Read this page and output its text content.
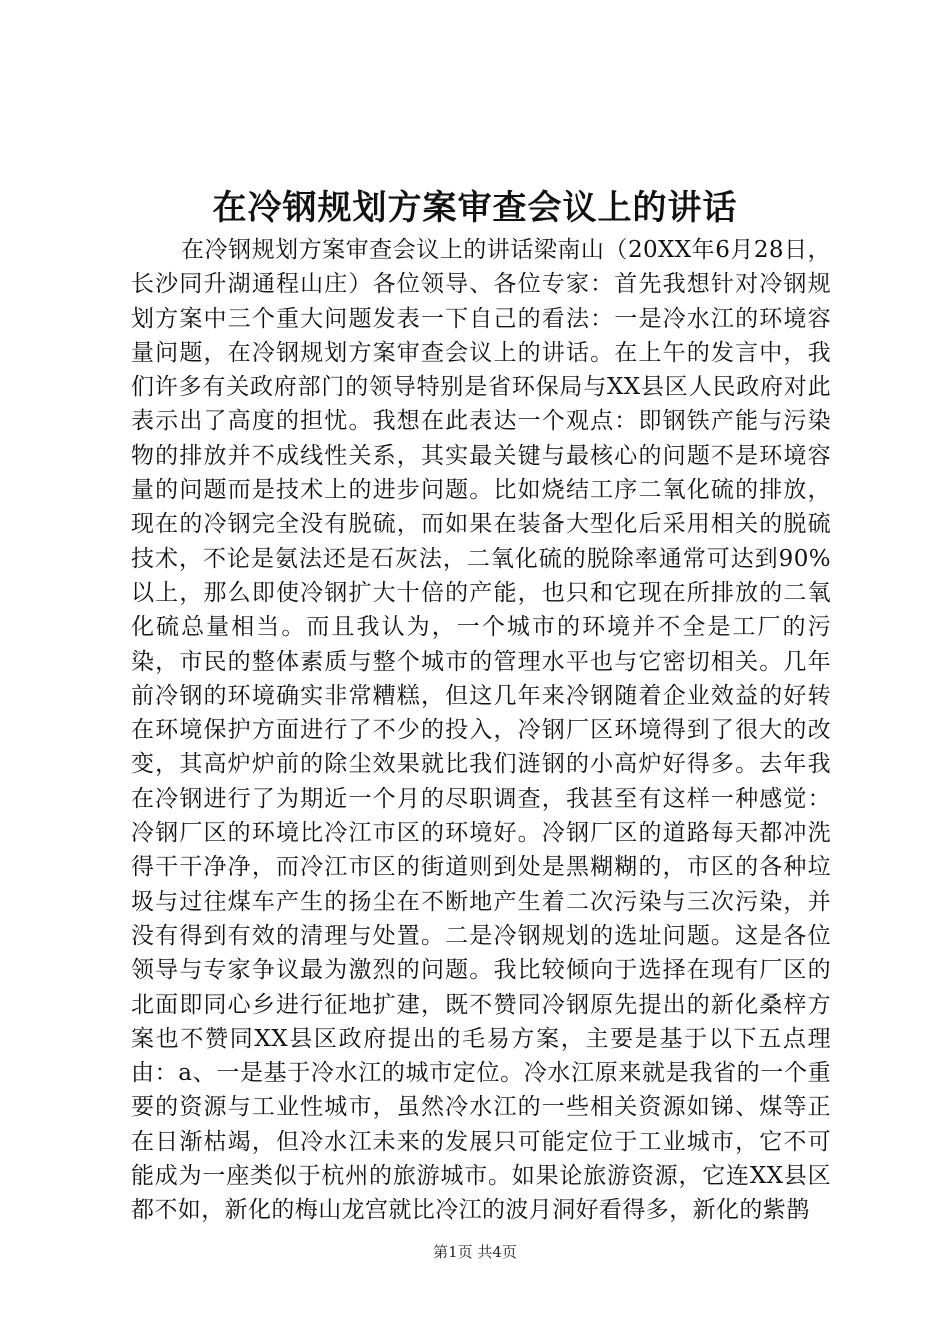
在冷钢规划方案审查会议上的讲话

在冷钢规划方案审查会议上的讲话梁南山（20XX年6月28日，长沙同升湖通程山庄）各位领导、各位专家：首先我想针对冷钢规划方案中三个重大问题发表一下自己的看法：一是冷水江的环境容量问题，在冷钢规划方案审查会议上的讲话。在上午的发言中，我们许多有关政府部门的领导特别是省环保局与XX县区人民政府对此表示出了高度的担忧。我想在此表达一个观点：即钢铁产能与污染物的排放并不成线性关系，其实最关键与最核心的问题不是环境容量的问题而是技术上的进步问题。比如烧结工序二氧化硫的排放，现在的冷钢完全没有脱硫，而如果在装备大型化后采用相关的脱硫技术，不论是氨法还是石灰法，二氧化硫的脱除率通常可达到90%以上，那么即使冷钢扩大十倍的产能，也只和它现在所排放的二氧化硫总量相当。而且我认为，一个城市的环境并不全是工厂的污染，市民的整体素质与整个城市的管理水平也与它密切相关。几年前冷钢的环境确实非常糟糕，但这几年来冷钢随着企业效益的好转在环境保护方面进行了不少的投入，冷钢厂区环境得到了很大的改变，其高炉炉前的除尘效果就比我们涟钢的小高炉好得多。去年我在冷钢进行了为期近一个月的尽职调查，我甚至有这样一种感觉：冷钢厂区的环境比冷江市区的环境好。冷钢厂区的道路每天都冲洗得干干净净，而冷江市区的街道则到处是黑糊糊的，市区的各种垃圾与过往煤车产生的扬尘在不断地产生着二次污染与三次污染，并没有得到有效的清理与处置。二是冷钢规划的选址问题。这是各位领导与专家争议最为激烈的问题。我比较倾向于选择在现有厂区的北面即同心乡进行征地扩建，既不赞同冷钢原先提出的新化桑梓方案也不赞同XX县区政府提出的毛易方案，主要是基于以下五点理由：a、一是基于冷水江的城市定位。冷水江原来就是我省的一个重要的资源与工业性城市，虽然冷水江的一些相关资源如锑、煤等正在日渐枯竭，但冷水江未来的发展只可能定位于工业城市，它不可能成为一座类似于杭州的旅游城市。如果论旅游资源，它连XX县区都不如，新化的梅山龙宫就比冷江的波月洞好看得多，新化的紫鹊

第1页 共4页
